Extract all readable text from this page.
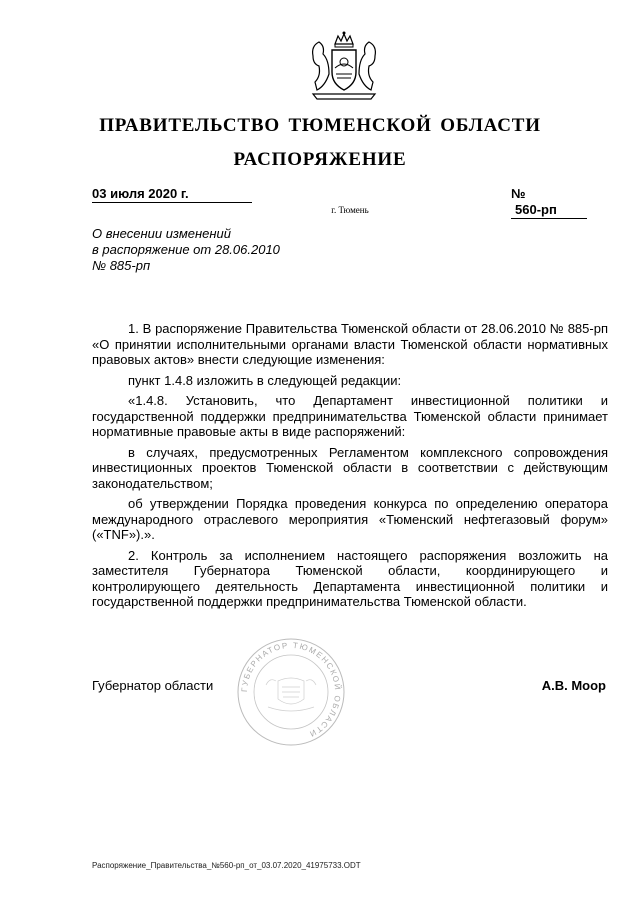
ПРАВИТЕЛЬСТВО ТЮМЕНСКОЙ ОБЛАСТИ
РАСПОРЯЖЕНИЕ
03 июля 2020 г.	№ 560-рп
г. Тюмень
О внесении изменений
в распоряжение от 28.06.2010
№ 885-рп

1. В распоряжение Правительства Тюменской области от 28.06.2010 № 885-рп «О принятии исполнительными органами власти Тюменской области нормативных правовых актов» внести следующие изменения:

пункт 1.4.8 изложить в следующей редакции:

«1.4.8. Установить, что Департамент инвестиционной политики и государственной поддержки предпринимательства Тюменской области принимает нормативные правовые акты в виде распоряжений:

в случаях, предусмотренных Регламентом комплексного сопровождения инвестиционных проектов Тюменской области в соответствии с действующим законодательством;

об утверждении Порядка проведения конкурса по определению оператора международного отраслевого мероприятия «Тюменский нефтегазовый форум» («TNF»).».

2. Контроль за исполнением настоящего распоряжения возложить на заместителя Губернатора Тюменской области, координирующего и контролирующего деятельность Департамента инвестиционной политики и государственной поддержки предпринимательства Тюменской области.

ГУБЕРНАТОР ТЮМЕНСКОЙ ОБЛАСТИ
Губернатор области	А.В. Моор
Распоряжение_Правительства_№560-рп_от_03.07.2020_41975733.ODT
